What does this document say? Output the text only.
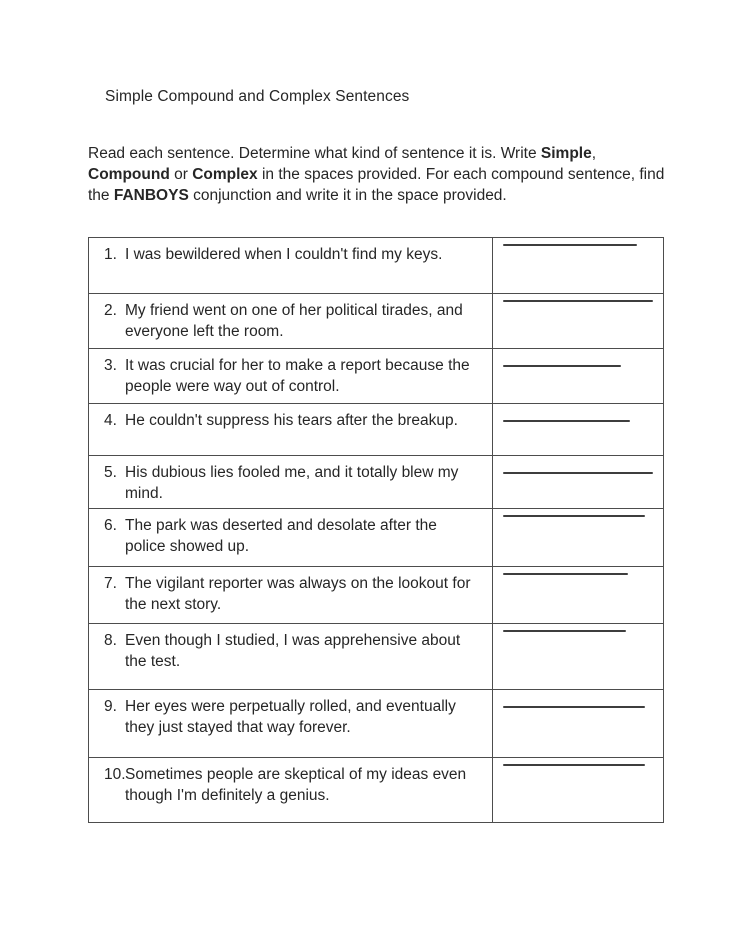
Simple Compound and Complex Sentences

Read each sentence. Determine what kind of sentence it is. Write Simple,
Compound or Complex in the spaces provided. For each compound sentence, find
the FANBOYS conjunction and write it in the space provided.

1. I was bewildered when I couldn't find my keys.	

2. My friend went on one of her political tirades, and
everyone left the room.	

3. It was crucial for her to make a report because the
people were way out of control.	

4. He couldn't suppress his tears after the breakup.	

5. His dubious lies fooled me, and it totally blew my
mind.	

6. The park was deserted and desolate after the
police showed up.	

7. The vigilant reporter was always on the lookout for
the next story.	

8. Even though I studied, I was apprehensive about
the test.	

9. Her eyes were perpetually rolled, and eventually
they just stayed that way forever.	

10.Sometimes people are skeptical of my ideas even
though I'm definitely a genius.	
